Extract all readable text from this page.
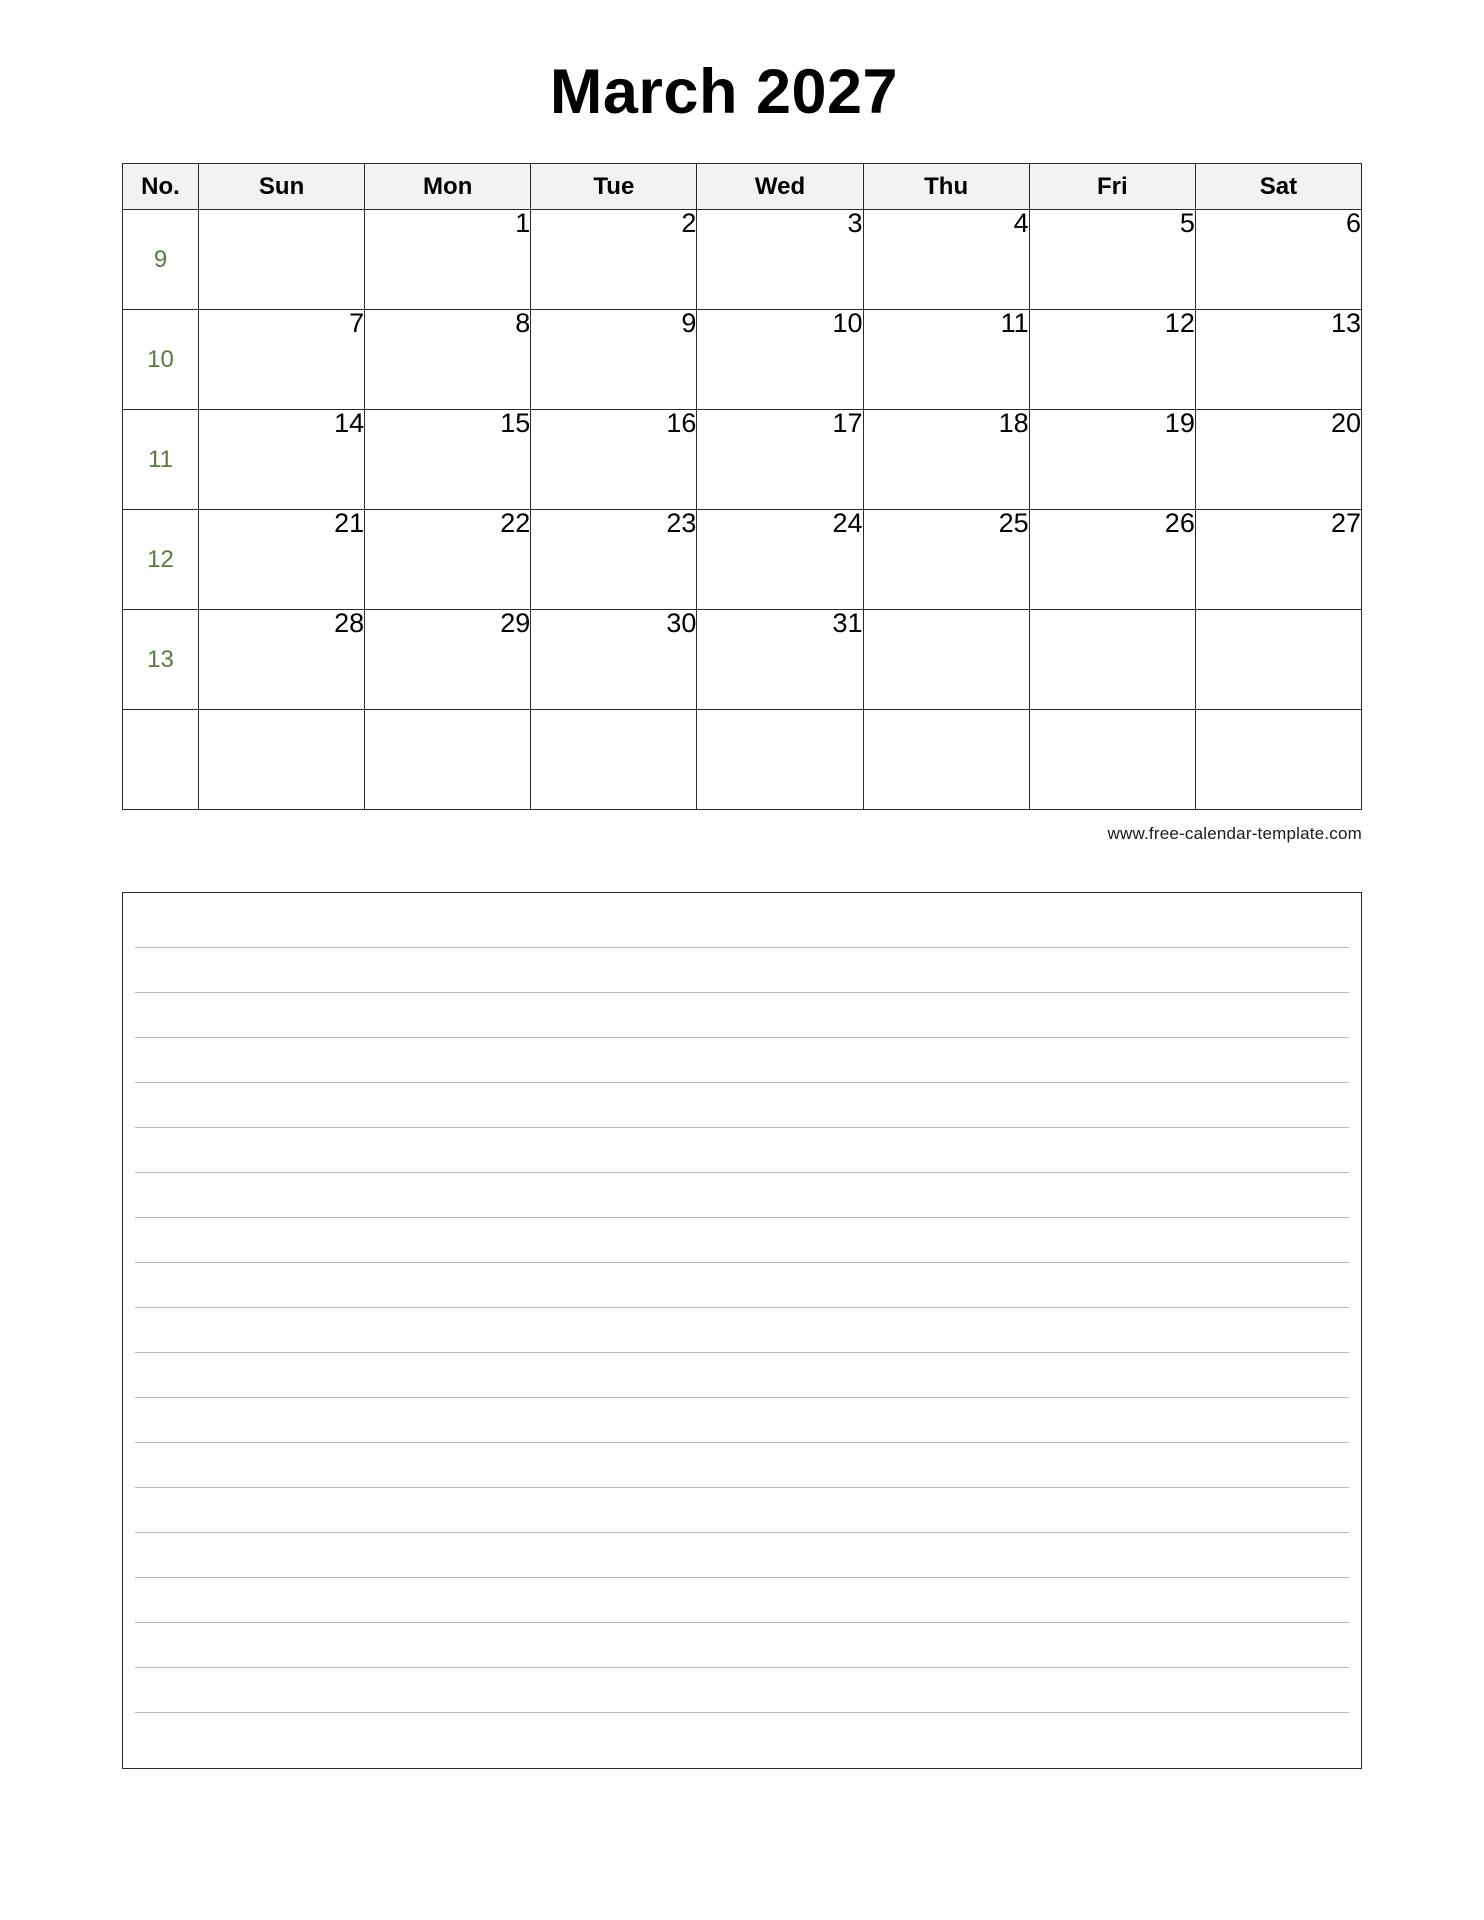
March 2027
No.	Sun	Mon	Tue	Wed	Thu	Fri	Sat
9		1	2	3	4	5	6
10	7	8	9	10	11	12	13
11	14	15	16	17	18	19	20
12	21	22	23	24	25	26	27
13	28	29	30	31			

www.free-calendar-template.com
